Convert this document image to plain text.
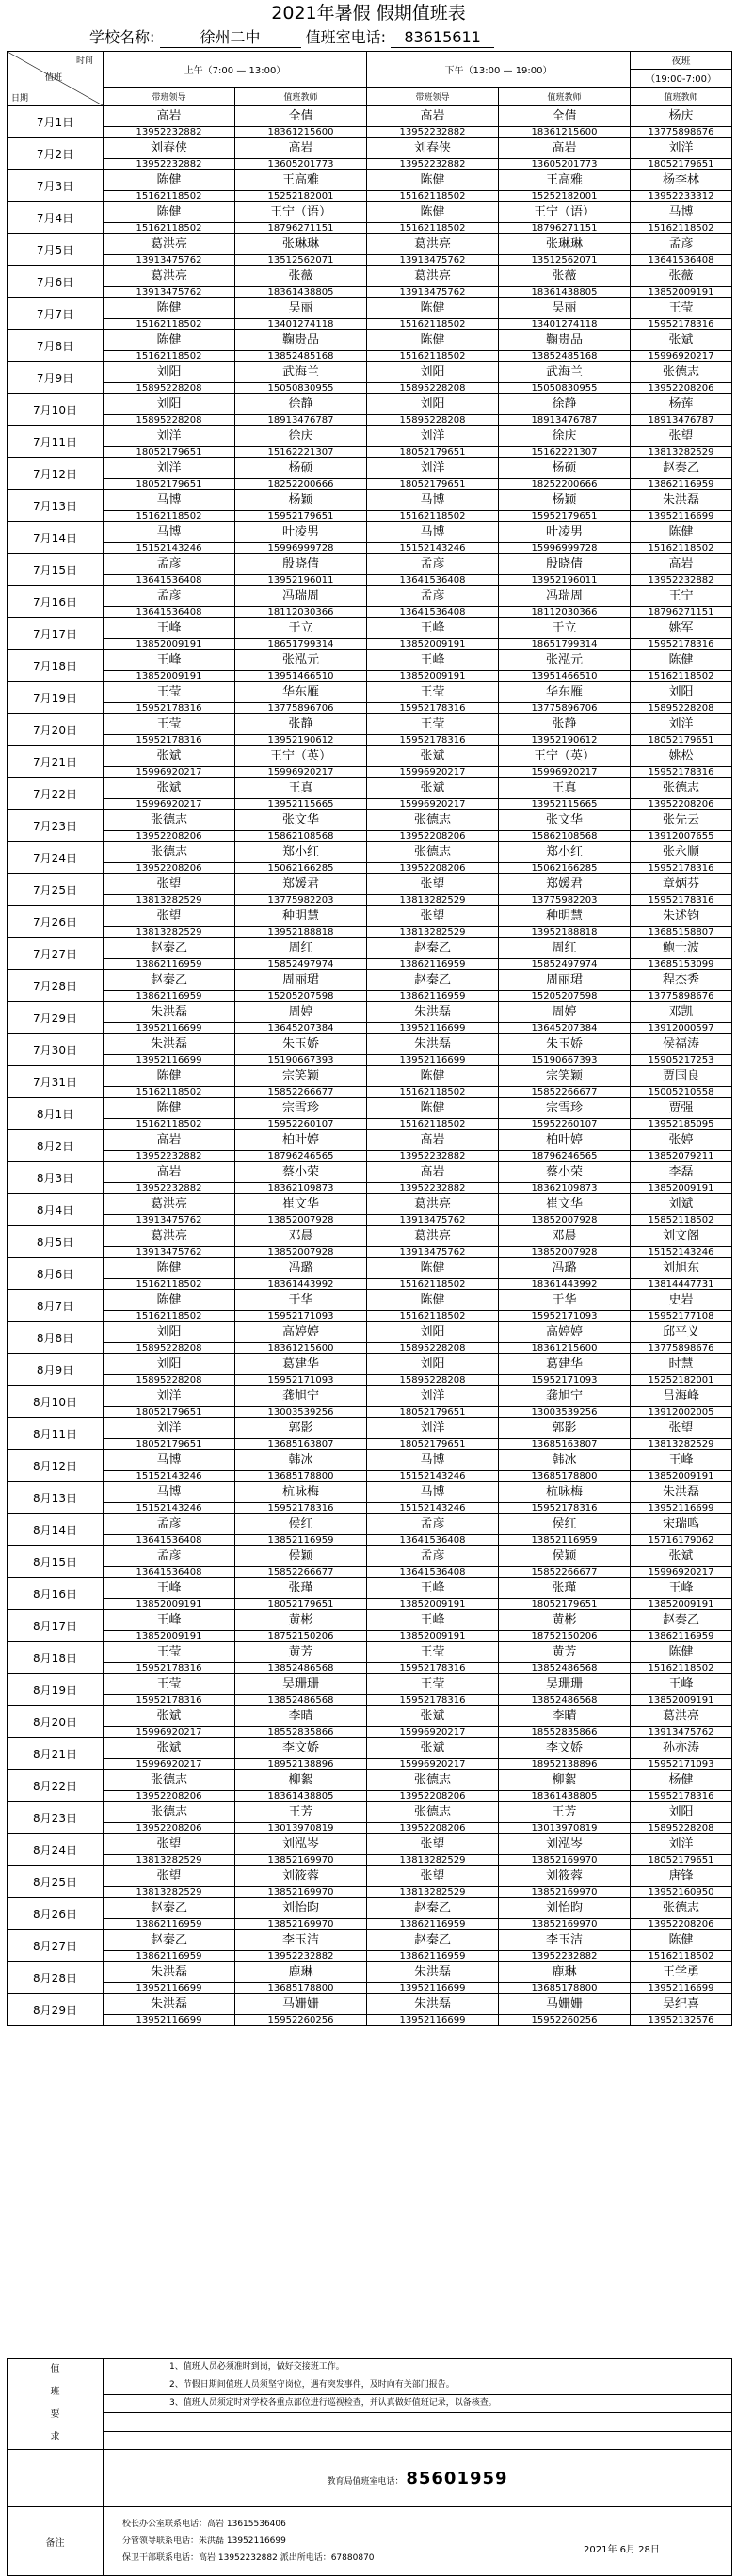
2021年暑假 假期值班表
学校名称:	徐州二中	值班室电话: 83615611
时间
值班
日期	上午（7:00 — 13:00）		下午（13:00 — 19:00）		夜班
					（19:00-7:00）
	带班领导	值班教师	带班领导	值班教师	值班教师
7月1日	高岩	全倩	高岩	全倩	杨庆
	13952232882	18361215600	13952232882	18361215600	13775898676
7月2日	刘春侠	高岩	刘春侠	高岩	刘洋
	13952232882	13605201773	13952232882	13605201773	18052179651
7月3日	陈健	王高雅	陈健	王高雅	杨李林
	15162118502	15252182001	15162118502	15252182001	13952233312
7月4日	陈健	王宁（语）	陈健	王宁（语）	马博
	15162118502	18796271151	15162118502	18796271151	15162118502
7月5日	葛洪亮	张琳琳	葛洪亮	张琳琳	孟彦
	13913475762	13512562071	13913475762	13512562071	13641536408
7月6日	葛洪亮	张薇	葛洪亮	张薇	张薇
	13913475762	18361438805	13913475762	18361438805	13852009191
7月7日	陈健	吴丽	陈健	吴丽	王莹
	15162118502	13401274118	15162118502	13401274118	15952178316
7月8日	陈健	鞠贵品	陈健	鞠贵品	张斌
	15162118502	13852485168	15162118502	13852485168	15996920217
7月9日	刘阳	武海兰	刘阳	武海兰	张德志
	15895228208	15050830955	15895228208	15050830955	13952208206
7月10日	刘阳	徐静	刘阳	徐静	杨莲
	15895228208	18913476787	15895228208	18913476787	18913476787
7月11日	刘洋	徐庆	刘洋	徐庆	张望
	18052179651	15162221307	18052179651	15162221307	13813282529
7月12日	刘洋	杨硕	刘洋	杨硕	赵秦乙
	18052179651	18252200666	18052179651	18252200666	13862116959
7月13日	马博	杨颖	马博	杨颖	朱洪磊
	15162118502	15952179651	15162118502	15952179651	13952116699
7月14日	马博	叶凌男	马博	叶凌男	陈健
	15152143246	15996999728	15152143246	15996999728	15162118502
7月15日	孟彦	殷晓倩	孟彦	殷晓倩	高岩
	13641536408	13952196011	13641536408	13952196011	13952232882
7月16日	孟彦	冯瑞周	孟彦	冯瑞周	王宁
	13641536408	18112030366	13641536408	18112030366	18796271151
7月17日	王峰	于立	王峰	于立	姚军
	13852009191	18651799314	13852009191	18651799314	15952178316
7月18日	王峰	张泓元	王峰	张泓元	陈健
	13852009191	13951466510	13852009191	13951466510	15162118502
7月19日	王莹	华东雁	王莹	华东雁	刘阳
	15952178316	13775896706	15952178316	13775896706	15895228208
7月20日	王莹	张静	王莹	张静	刘洋
	15952178316	13952190612	15952178316	13952190612	18052179651
7月21日	张斌	王宁（英）	张斌	王宁（英）	姚松
	15996920217	15996920217	15996920217	15996920217	15952178316
7月22日	张斌	王真	张斌	王真	张德志
	15996920217	13952115665	15996920217	13952115665	13952208206
7月23日	张德志	张文华	张德志	张文华	张先云
	13952208206	15862108568	13952208206	15862108568	13912007655
7月24日	张德志	郑小红	张德志	郑小红	张永顺
	13952208206	15062166285	13952208206	15062166285	15952178316
7月25日	张望	郑媛君	张望	郑媛君	章炳芬
	13813282529	13775982203	13813282529	13775982203	15952178316
7月26日	张望	种明慧	张望	种明慧	朱述钧
	13813282529	13952188818	13813282529	13952188818	13685158807
7月27日	赵秦乙	周红	赵秦乙	周红	鲍士波
	13862116959	15852497974	13862116959	15852497974	13685153099
7月28日	赵秦乙	周丽珺	赵秦乙	周丽珺	程杰秀
	13862116959	15205207598	13862116959	15205207598	13775898676
7月29日	朱洪磊	周婷	朱洪磊	周婷	邓凯
	13952116699	13645207384	13952116699	13645207384	13912000597
7月30日	朱洪磊	朱玉娇	朱洪磊	朱玉娇	侯福涛
	13952116699	15190667393	13952116699	15190667393	15905217253
7月31日	陈健	宗笑颖	陈健	宗笑颖	贾国良
	15162118502	15852266677	15162118502	15852266677	15005210558
8月1日	陈健	宗雪珍	陈健	宗雪珍	贾强
	15162118502	15952260107	15162118502	15952260107	13952185095
8月2日	高岩	柏叶婷	高岩	柏叶婷	张婷
	13952232882	18796246565	13952232882	18796246565	13852079211
8月3日	高岩	蔡小荣	高岩	蔡小荣	李磊
	13952232882	18362109873	13952232882	18362109873	13852009191
8月4日	葛洪亮	崔文华	葛洪亮	崔文华	刘斌
	13913475762	13852007928	13913475762	13852007928	15852118502
8月5日	葛洪亮	邓晨	葛洪亮	邓晨	刘文阁
	13913475762	13852007928	13913475762	13852007928	15152143246
8月6日	陈健	冯璐	陈健	冯璐	刘旭东
	15162118502	18361443992	15162118502	18361443992	13814447731
8月7日	陈健	于华	陈健	于华	史岩
	15162118502	15952171093	15162118502	15952171093	15952177108
8月8日	刘阳	高婷婷	刘阳	高婷婷	邱平义
	15895228208	18361215600	15895228208	18361215600	13775898676
8月9日	刘阳	葛建华	刘阳	葛建华	时慧
	15895228208	15952171093	15895228208	15952171093	15252182001
8月10日	刘洋	龚旭宁	刘洋	龚旭宁	吕海峰
	18052179651	13003539256	18052179651	13003539256	13912002005
8月11日	刘洋	郭影	刘洋	郭影	张望
	18052179651	13685163807	18052179651	13685163807	13813282529
8月12日	马博	韩冰	马博	韩冰	王峰
	15152143246	13685178800	15152143246	13685178800	13852009191
8月13日	马博	杭咏梅	马博	杭咏梅	朱洪磊
	15152143246	15952178316	15152143246	15952178316	13952116699
8月14日	孟彦	侯红	孟彦	侯红	宋瑞鸣
	13641536408	13852116959	13641536408	13852116959	15716179062
8月15日	孟彦	侯颖	孟彦	侯颖	张斌
	13641536408	15852266677	13641536408	15852266677	15996920217
8月16日	王峰	张瑾	王峰	张瑾	王峰
	13852009191	18052179651	13852009191	18052179651	13852009191
8月17日	王峰	黄彬	王峰	黄彬	赵秦乙
	13852009191	18752150206	13852009191	18752150206	13862116959
8月18日	王莹	黄芳	王莹	黄芳	陈健
	15952178316	13852486568	15952178316	13852486568	15162118502
8月19日	王莹	吴珊珊	王莹	吴珊珊	王峰
	15952178316	13852486568	15952178316	13852486568	13852009191
8月20日	张斌	李晴	张斌	李晴	葛洪亮
	15996920217	18552835866	15996920217	18552835866	13913475762
8月21日	张斌	李文娇	张斌	李文娇	孙亦涛
	15996920217	18952138896	15996920217	18952138896	15952171093
8月22日	张德志	柳絮	张德志	柳絮	杨健
	13952208206	18361438805	13952208206	18361438805	15952178316
8月23日	张德志	王芳	张德志	王芳	刘阳
	13952208206	13013970819	13952208206	13013970819	15895228208
8月24日	张望	刘泓岑	张望	刘泓岑	刘洋
	13813282529	13852169970	13813282529	13852169970	18052179651
8月25日	张望	刘筱蓉	张望	刘筱蓉	唐锋
	13813282529	13852169970	13813282529	13852169970	13952160950
8月26日	赵秦乙	刘怡昀	赵秦乙	刘怡昀	张德志
	13862116959	13852169970	13862116959	13852169970	13952208206
8月27日	赵秦乙	李玉洁	赵秦乙	李玉洁	陈健
	13862116959	13952232882	13862116959	13952232882	15162118502
8月28日	朱洪磊	鹿琳	朱洪磊	鹿琳	王学勇
	13952116699	13685178800	13952116699	13685178800	13952116699
8月29日	朱洪磊	马姗姗	朱洪磊	马姗姗	吴纪喜
	13952116699	15952260256	13952116699	15952260256	13952132576
值
班
要
求	1、值班人员必须准时到岗，做好交接班工作。
	2、节假日期间值班人员须坚守岗位，遇有突发事件，及时向有关部门报告。
	3、值班人员须定时对学校各重点部位进行巡视检查，并认真做好值班记录，以备核查。

	教育局值班室电话： 85601959
备注	校长办公室联系电话：高岩 13615536406
分管领导联系电话：朱洪磊 13952116699
保卫干部联系电话：高岩 13952232882 派出所电话：67880870
2021年 6月 28日
